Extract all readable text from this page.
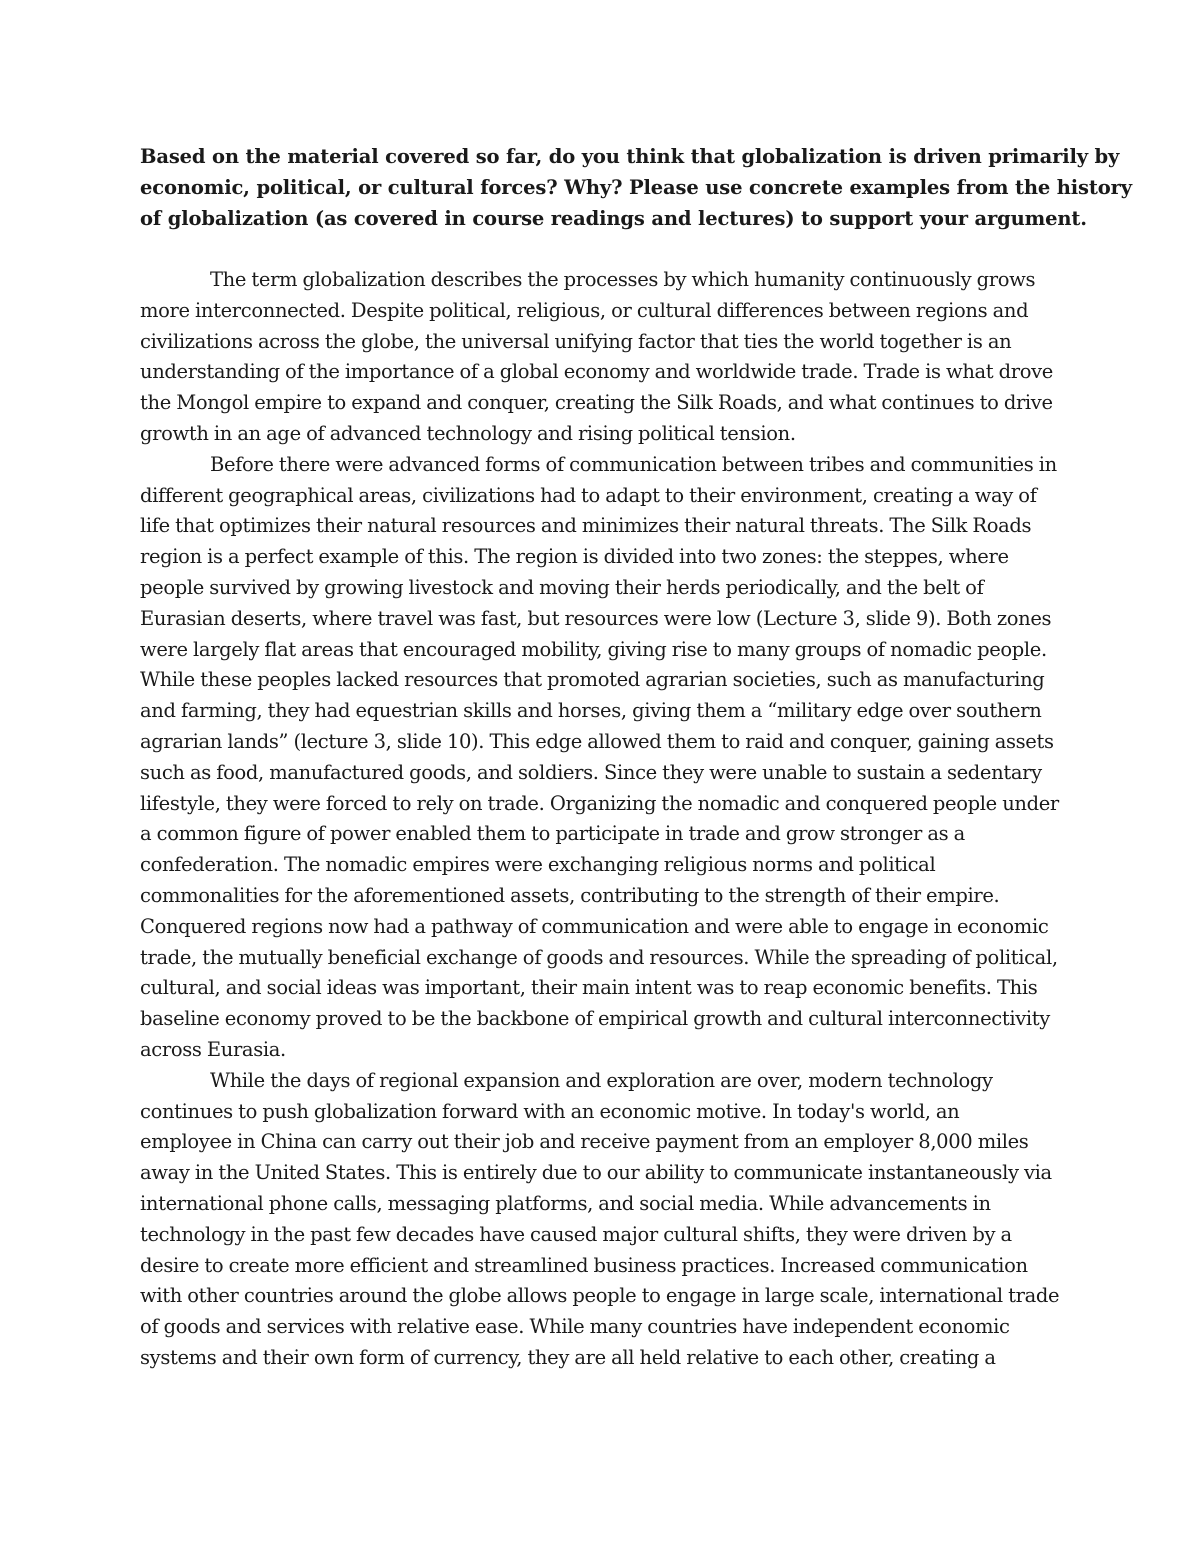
Based on the material covered so far, do you think that globalization is driven primarily by
economic, political, or cultural forces? Why? Please use concrete examples from the history
of globalization (as covered in course readings and lectures) to support your argument.
The term globalization describes the processes by which humanity continuously grows
more interconnected. Despite political, religious, or cultural differences between regions and
civilizations across the globe, the universal unifying factor that ties the world together is an
understanding of the importance of a global economy and worldwide trade. Trade is what drove
the Mongol empire to expand and conquer, creating the Silk Roads, and what continues to drive
growth in an age of advanced technology and rising political tension.
Before there were advanced forms of communication between tribes and communities in
different geographical areas, civilizations had to adapt to their environment, creating a way of
life that optimizes their natural resources and minimizes their natural threats. The Silk Roads
region is a perfect example of this. The region is divided into two zones: the steppes, where
people survived by growing livestock and moving their herds periodically, and the belt of
Eurasian deserts, where travel was fast, but resources were low (Lecture 3, slide 9). Both zones
were largely flat areas that encouraged mobility, giving rise to many groups of nomadic people.
While these peoples lacked resources that promoted agrarian societies, such as manufacturing
and farming, they had equestrian skills and horses, giving them a “military edge over southern
agrarian lands” (lecture 3, slide 10). This edge allowed them to raid and conquer, gaining assets
such as food, manufactured goods, and soldiers. Since they were unable to sustain a sedentary
lifestyle, they were forced to rely on trade. Organizing the nomadic and conquered people under
a common figure of power enabled them to participate in trade and grow stronger as a
confederation. The nomadic empires were exchanging religious norms and political
commonalities for the aforementioned assets, contributing to the strength of their empire.
Conquered regions now had a pathway of communication and were able to engage in economic
trade, the mutually beneficial exchange of goods and resources. While the spreading of political,
cultural, and social ideas was important, their main intent was to reap economic benefits. This
baseline economy proved to be the backbone of empirical growth and cultural interconnectivity
across Eurasia.
While the days of regional expansion and exploration are over, modern technology
continues to push globalization forward with an economic motive. In today's world, an
employee in China can carry out their job and receive payment from an employer 8,000 miles
away in the United States. This is entirely due to our ability to communicate instantaneously via
international phone calls, messaging platforms, and social media. While advancements in
technology in the past few decades have caused major cultural shifts, they were driven by a
desire to create more efficient and streamlined business practices. Increased communication
with other countries around the globe allows people to engage in large scale, international trade
of goods and services with relative ease. While many countries have independent economic
systems and their own form of currency, they are all held relative to each other, creating a
